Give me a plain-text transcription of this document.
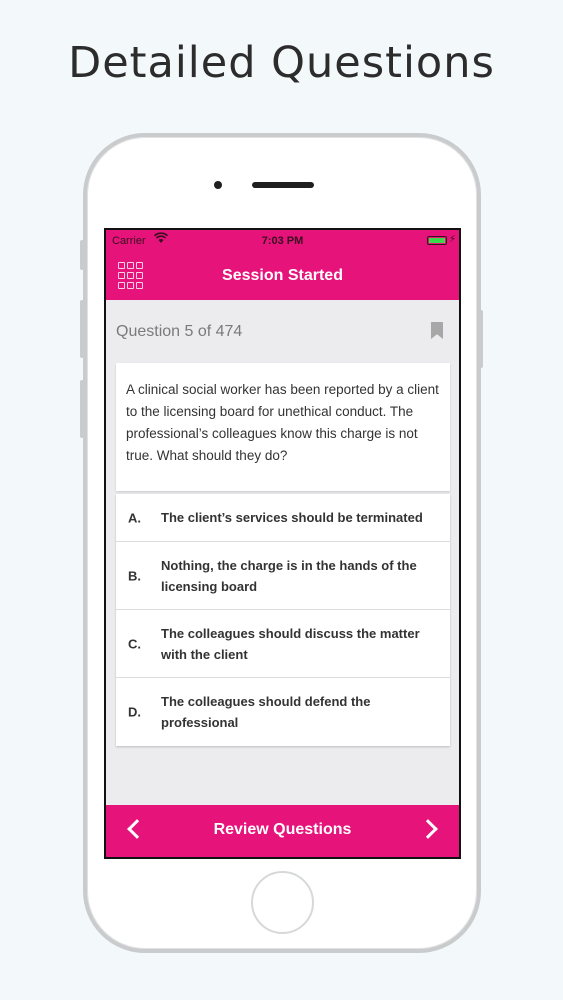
Detailed Questions
Carrier	7:03 PM	⚡
Session Started
Question 5 of 474
A clinical social worker has been reported by a client to the licensing board for unethical conduct. The professional’s colleagues know this charge is not true. What should they do?
A.	The client’s services should be terminated
B.
Nothing, the charge is in the hands of the licensing board
C.
The colleagues should discuss the matter with the client
D.
The colleagues should defend the professional
Review Questions
